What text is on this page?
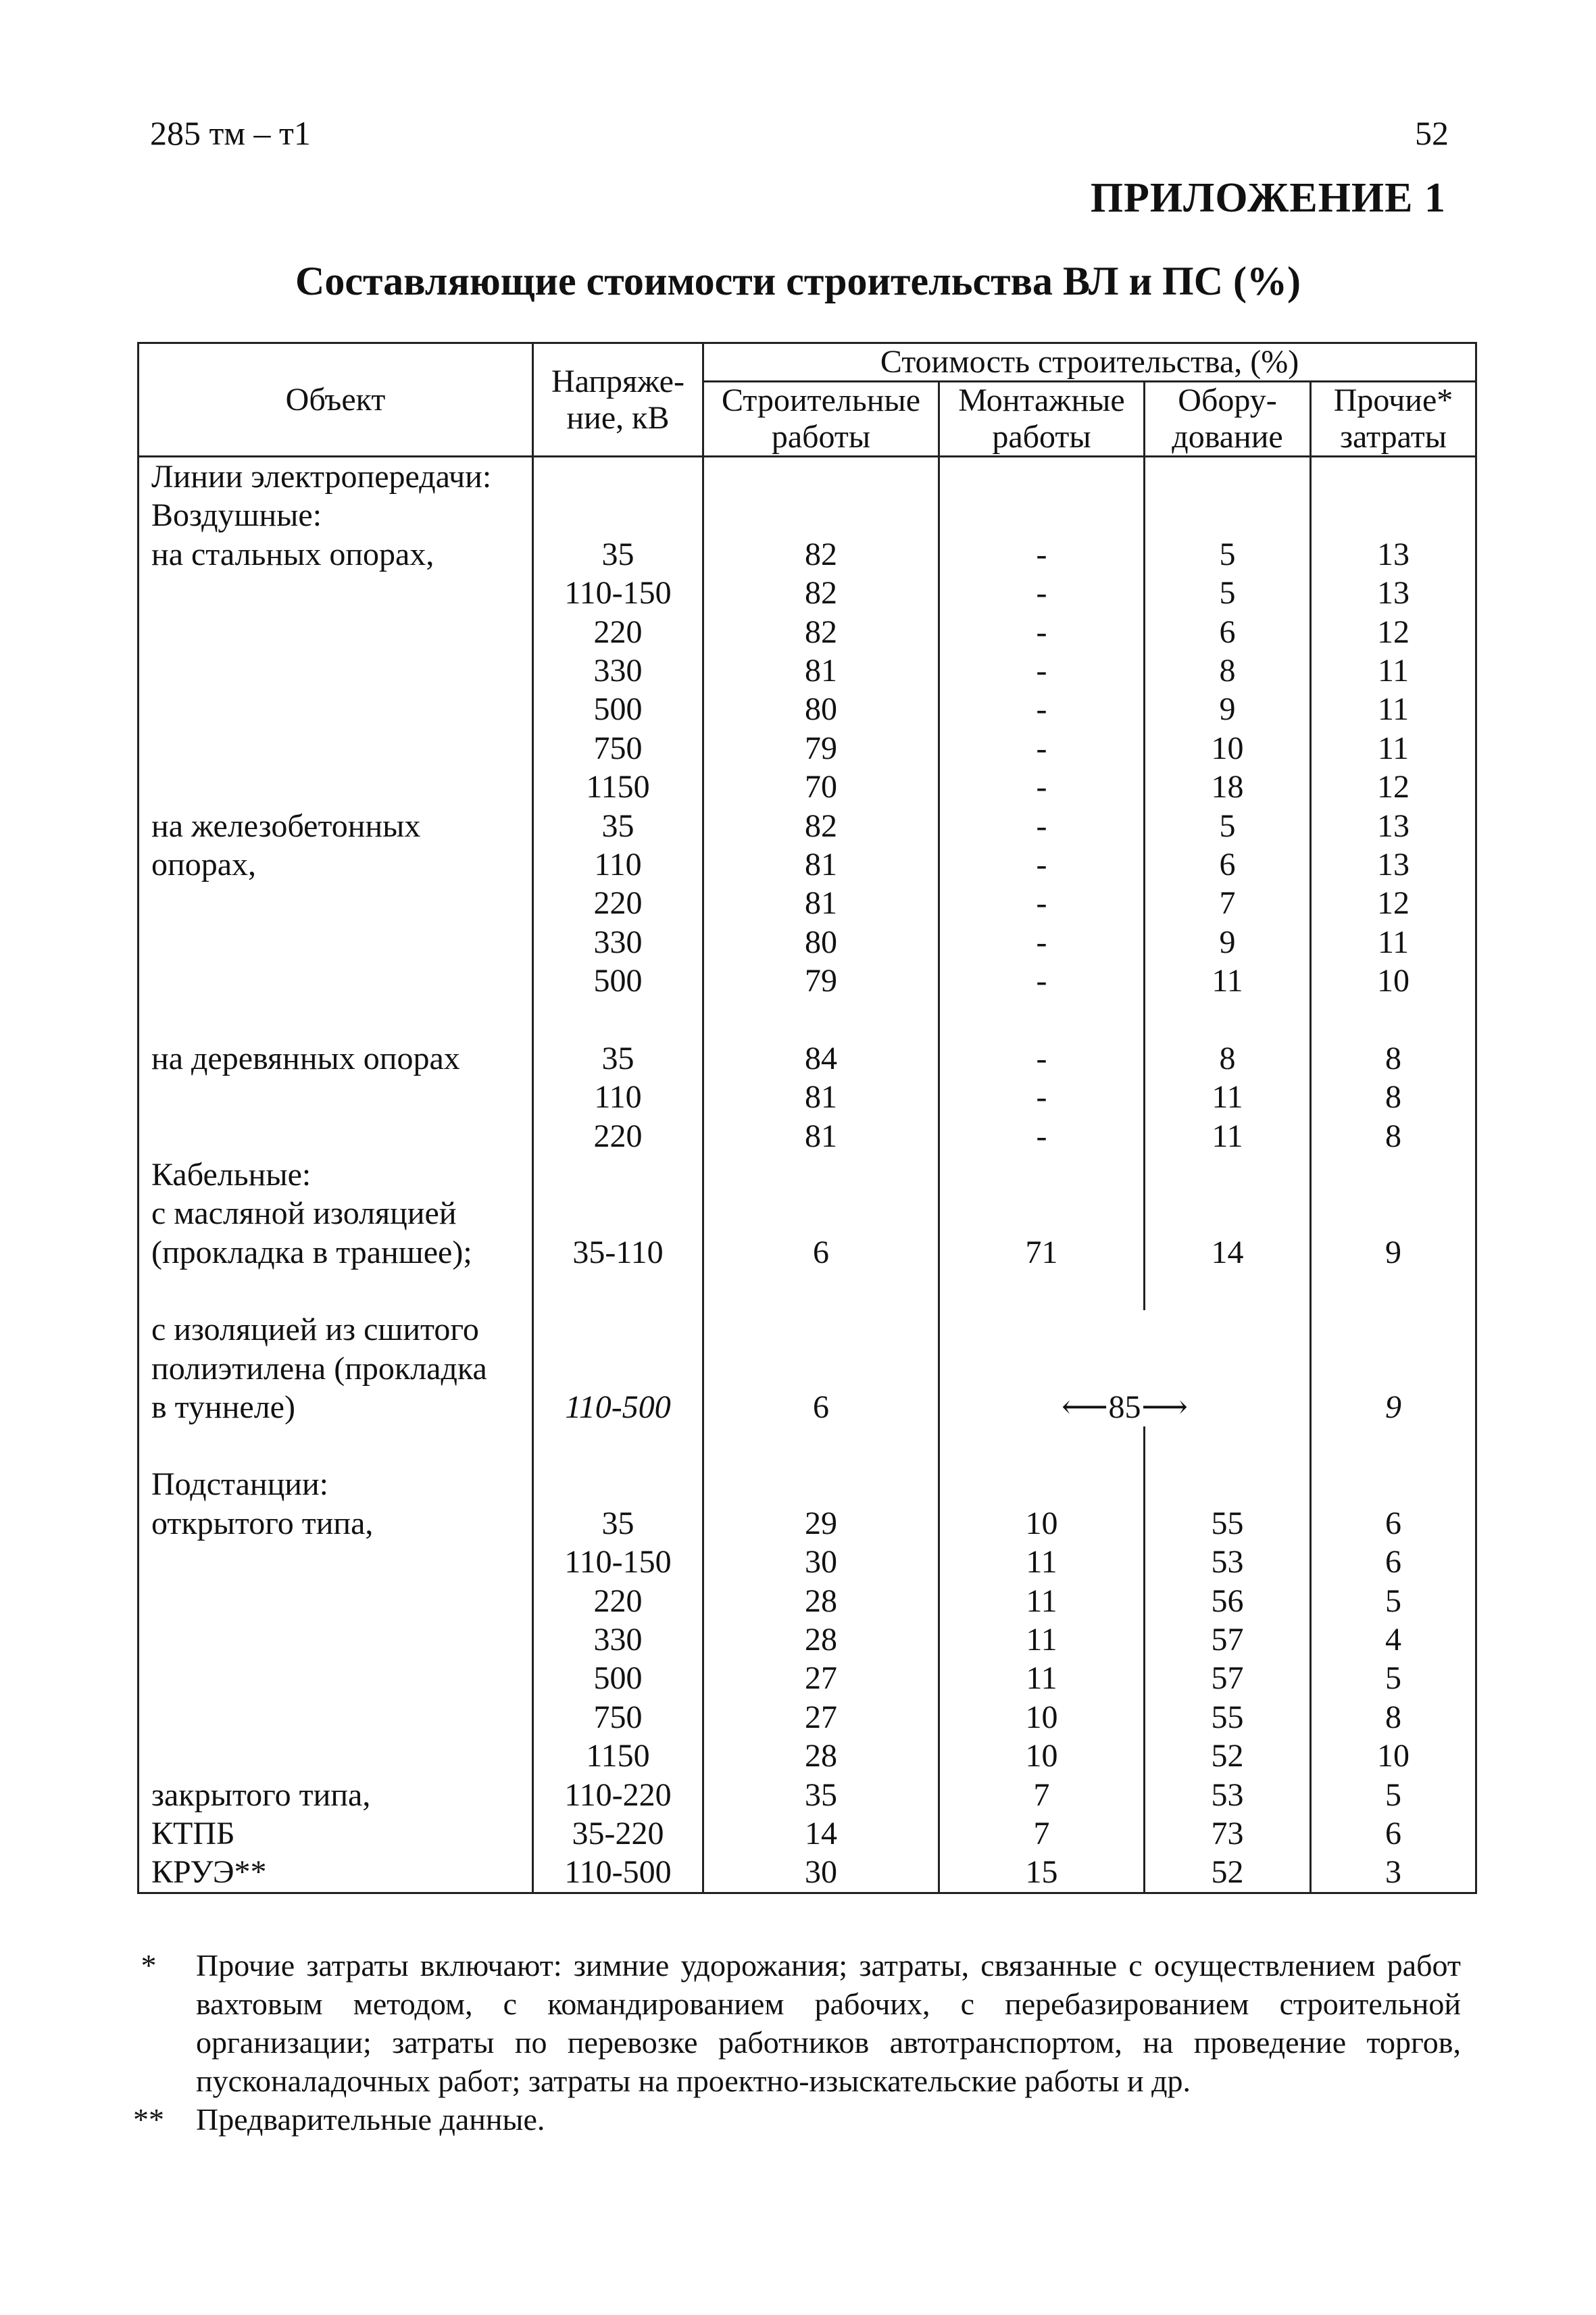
285 тм – т1	52
ПРИЛОЖЕНИЕ 1
Составляющие стоимости строительства ВЛ и ПС (%)
Объект	Напряже-ние, кВ	Стоимость строительства, (%)			
		Строительные работы	Монтажные работы	Обору-дование	Прочие* затраты
Линии электропередачи:					
Воздушные:					
на стальных опорах,	35	82	-	5	13
	110-150	82	-	5	13
	220	82	-	6	12
	330	81	-	8	11
	500	80	-	9	11
	750	79	-	10	11
	1150	70	-	18	12
на железобетонных	35	82	-	5	13
опорах,	110	81	-	6	13
	220	81	-	7	12
	330	80	-	9	11
	500	79	-	11	10

на деревянных опорах	35	84	-	8	8
	110	81	-	11	8
	220	81	-	11	8
Кабельные:					
с масляной изоляцией					
(прокладка в траншее);	35-110	6	71	14	9

с изоляцией из сшитого					
полиэтилена (прокладка					
в туннеле)	110-500	6	⟵ 85 ⟶		9

Подстанции:					
открытого типа,	35	29	10	55	6
	110-150	30	11	53	6
	220	28	11	56	5
	330	28	11	57	4
	500	27	11	57	5
	750	27	10	55	8
	1150	28	10	52	10
закрытого типа,	110-220	35	7	53	5
КТПБ	35-220	14	7	73	6
КРУЭ**	110-500	30	15	52	3
*	Прочие затраты включают: зимние удорожания; затраты, связанные с осуществлением работ вахтовым методом, с командированием рабочих, с перебазированием строительной организации; затраты по перевозке работников автотранспортом, на проведение торгов, пусконаладочных работ; затраты на проектно-изыскательские работы и др.
**	Предварительные данные.
